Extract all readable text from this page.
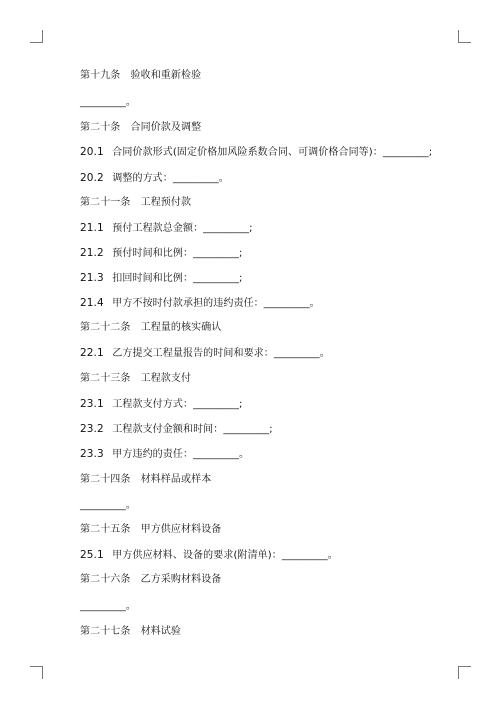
第十九条　验收和重新检验
_________。
第二十条　合同价款及调整
20.1 合同价款形式(固定价格加风险系数合同、可调价格合同等)：_________;
20.2 调整的方式：_________。
第二十一条　工程预付款
21.1 预付工程款总金额：_________;
21.2 预付时间和比例：_________;
21.3 扣回时间和比例：_________;
21.4 甲方不按时付款承担的违约责任：_________。
第二十二条　工程量的核实确认
22.1 乙方提交工程量报告的时间和要求：_________。
第二十三条　工程款支付
23.1 工程款支付方式：_________;
23.2 工程款支付金额和时间：_________;
23.3 甲方违约的责任：_________。
第二十四条　材料样品或样本
_________。
第二十五条　甲方供应材料设备
25.1 甲方供应材料、设备的要求(附清单)：_________。
第二十六条　乙方采购材料设备
_________。
第二十七条　材料试验
